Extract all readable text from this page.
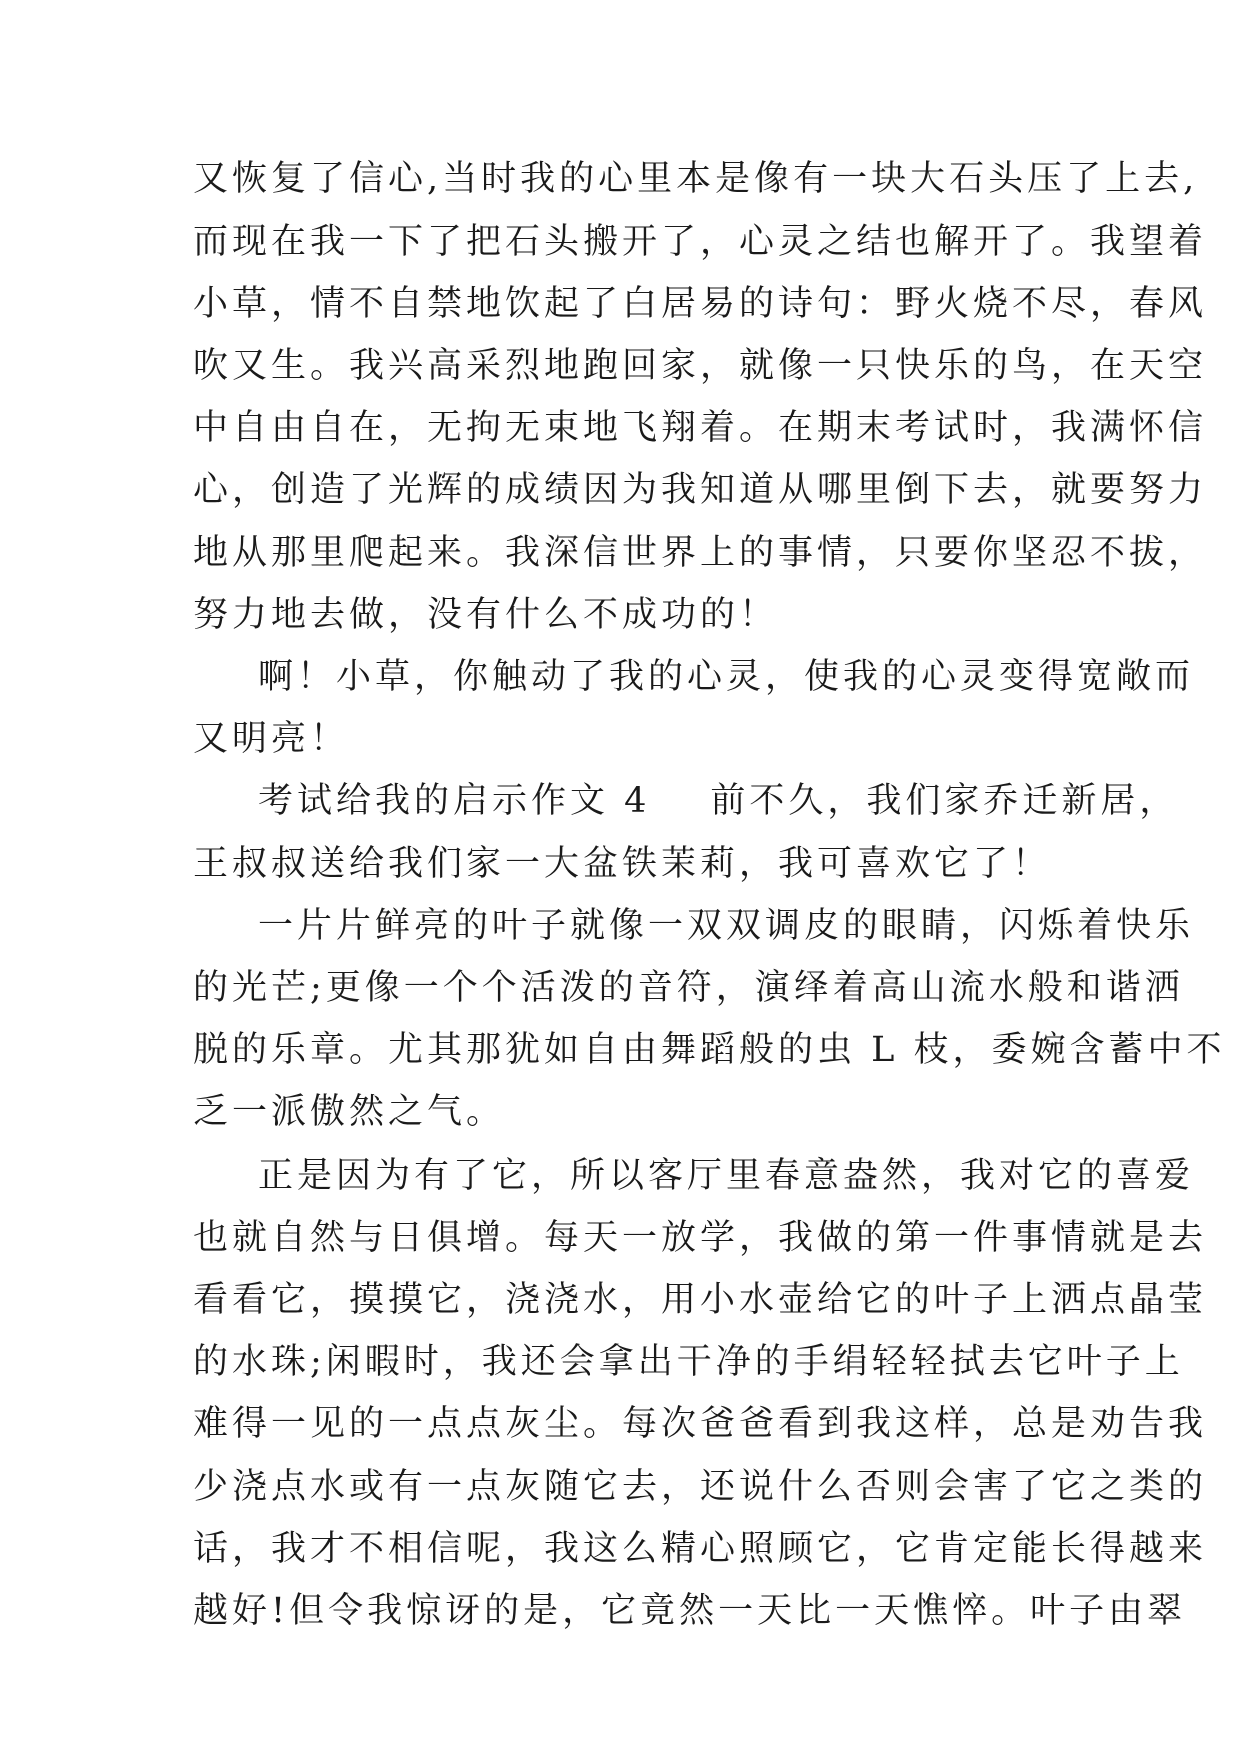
又恢复了信心,当时我的心里本是像有一块大石头压了上去,
而现在我一下了把石头搬开了，心灵之结也解开了。我望着
小草，情不自禁地饮起了白居易的诗句：野火烧不尽，春风
吹又生。我兴高采烈地跑回家，就像一只快乐的鸟，在天空
中自由自在，无拘无束地飞翔着。在期末考试时，我满怀信
心，创造了光辉的成绩因为我知道从哪里倒下去，就要努力
地从那里爬起来。我深信世界上的事情，只要你坚忍不拔，
努力地去做，没有什么不成功的！
啊！小草，你触动了我的心灵，使我的心灵变得宽敞而
又明亮！
考试给我的启示作文 4 前不久，我们家乔迁新居，
王叔叔送给我们家一大盆铁茉莉，我可喜欢它了！
一片片鲜亮的叶子就像一双双调皮的眼睛，闪烁着快乐
的光芒;更像一个个活泼的音符，演绎着高山流水般和谐洒
脱的乐章。尤其那犹如自由舞蹈般的虫 L 枝，委婉含蓄中不
乏一派傲然之气。
正是因为有了它，所以客厅里春意盎然，我对它的喜爱
也就自然与日俱增。每天一放学，我做的第一件事情就是去
看看它，摸摸它，浇浇水，用小水壶给它的叶子上洒点晶莹
的水珠;闲暇时，我还会拿出干净的手绢轻轻拭去它叶子上
难得一见的一点点灰尘。每次爸爸看到我这样，总是劝告我
少浇点水或有一点灰随它去，还说什么否则会害了它之类的
话，我才不相信呢，我这么精心照顾它，它肯定能长得越来
越好!但令我惊讶的是，它竟然一天比一天憔悴。叶子由翠
